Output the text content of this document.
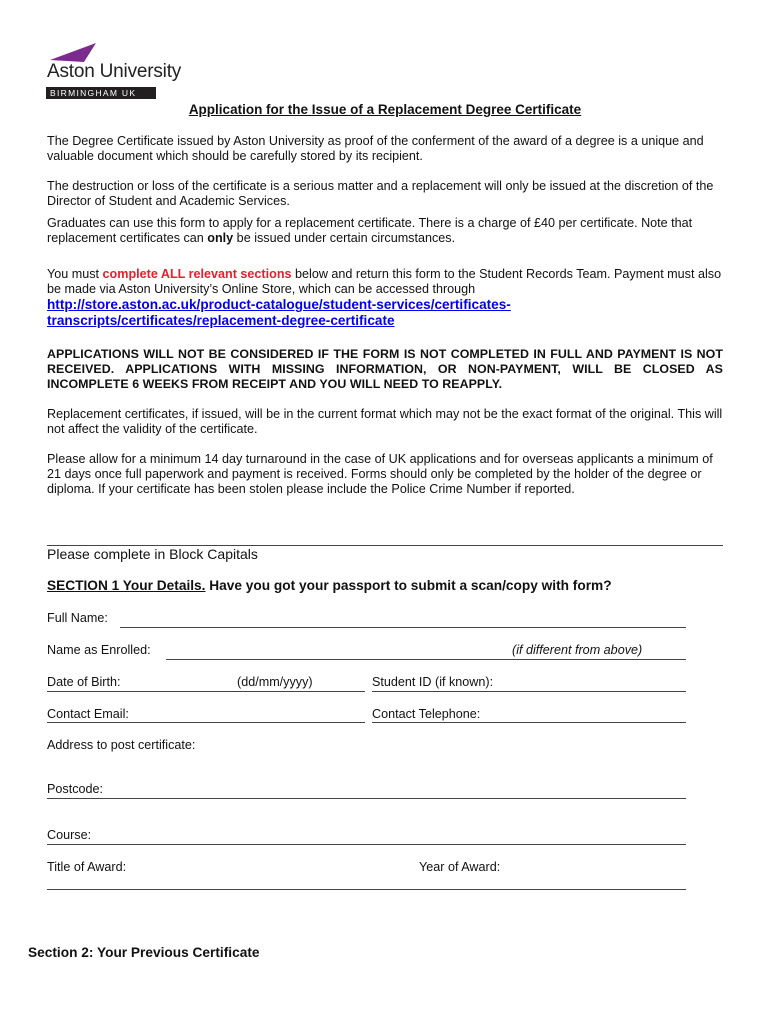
Aston University
BIRMINGHAM UK
Application for the Issue of a Replacement Degree Certificate
The Degree Certificate issued by Aston University as proof of the conferment of the award of a degree is a unique and valuable document which should be carefully stored by its recipient.
The destruction or loss of the certificate is a serious matter and a replacement will only be issued at the discretion of the Director of Student and Academic Services.
Graduates can use this form to apply for a replacement certificate. There is a charge of £40 per certificate. Note that replacement certificates can only be issued under certain circumstances.
You must complete ALL relevant sections below and return this form to the Student Records Team. Payment must also be made via Aston University’s Online Store, which can be accessed through
http://store.aston.ac.uk/product-catalogue/student-services/certificates-transcripts/certificates/replacement-degree-certificate
APPLICATIONS WILL NOT BE CONSIDERED IF THE FORM IS NOT COMPLETED IN FULL AND PAYMENT IS NOT RECEIVED. APPLICATIONS WITH MISSING INFORMATION, OR NON-PAYMENT, WILL BE CLOSED AS INCOMPLETE 6 WEEKS FROM RECEIPT AND YOU WILL NEED TO REAPPLY.
Replacement certificates, if issued, will be in the current format which may not be the exact format of the original. This will not affect the validity of the certificate.
Please allow for a minimum 14 day turnaround in the case of UK applications and for overseas applicants a minimum of 21 days once full paperwork and payment is received. Forms should only be completed by the holder of the degree or diploma. If your certificate has been stolen please include the Police Crime Number if reported.
Please complete in Block Capitals
SECTION 1 Your Details. Have you got your passport to submit a scan/copy with form?
Full Name:
Name as Enrolled:	(if different from above)
Date of Birth:	(dd/mm/yyyy)	Student ID (if known):
Contact Email:	Contact Telephone:
Address to post certificate:
Postcode:
Course:
Title of Award:	Year of Award:
Section 2: Your Previous Certificate
